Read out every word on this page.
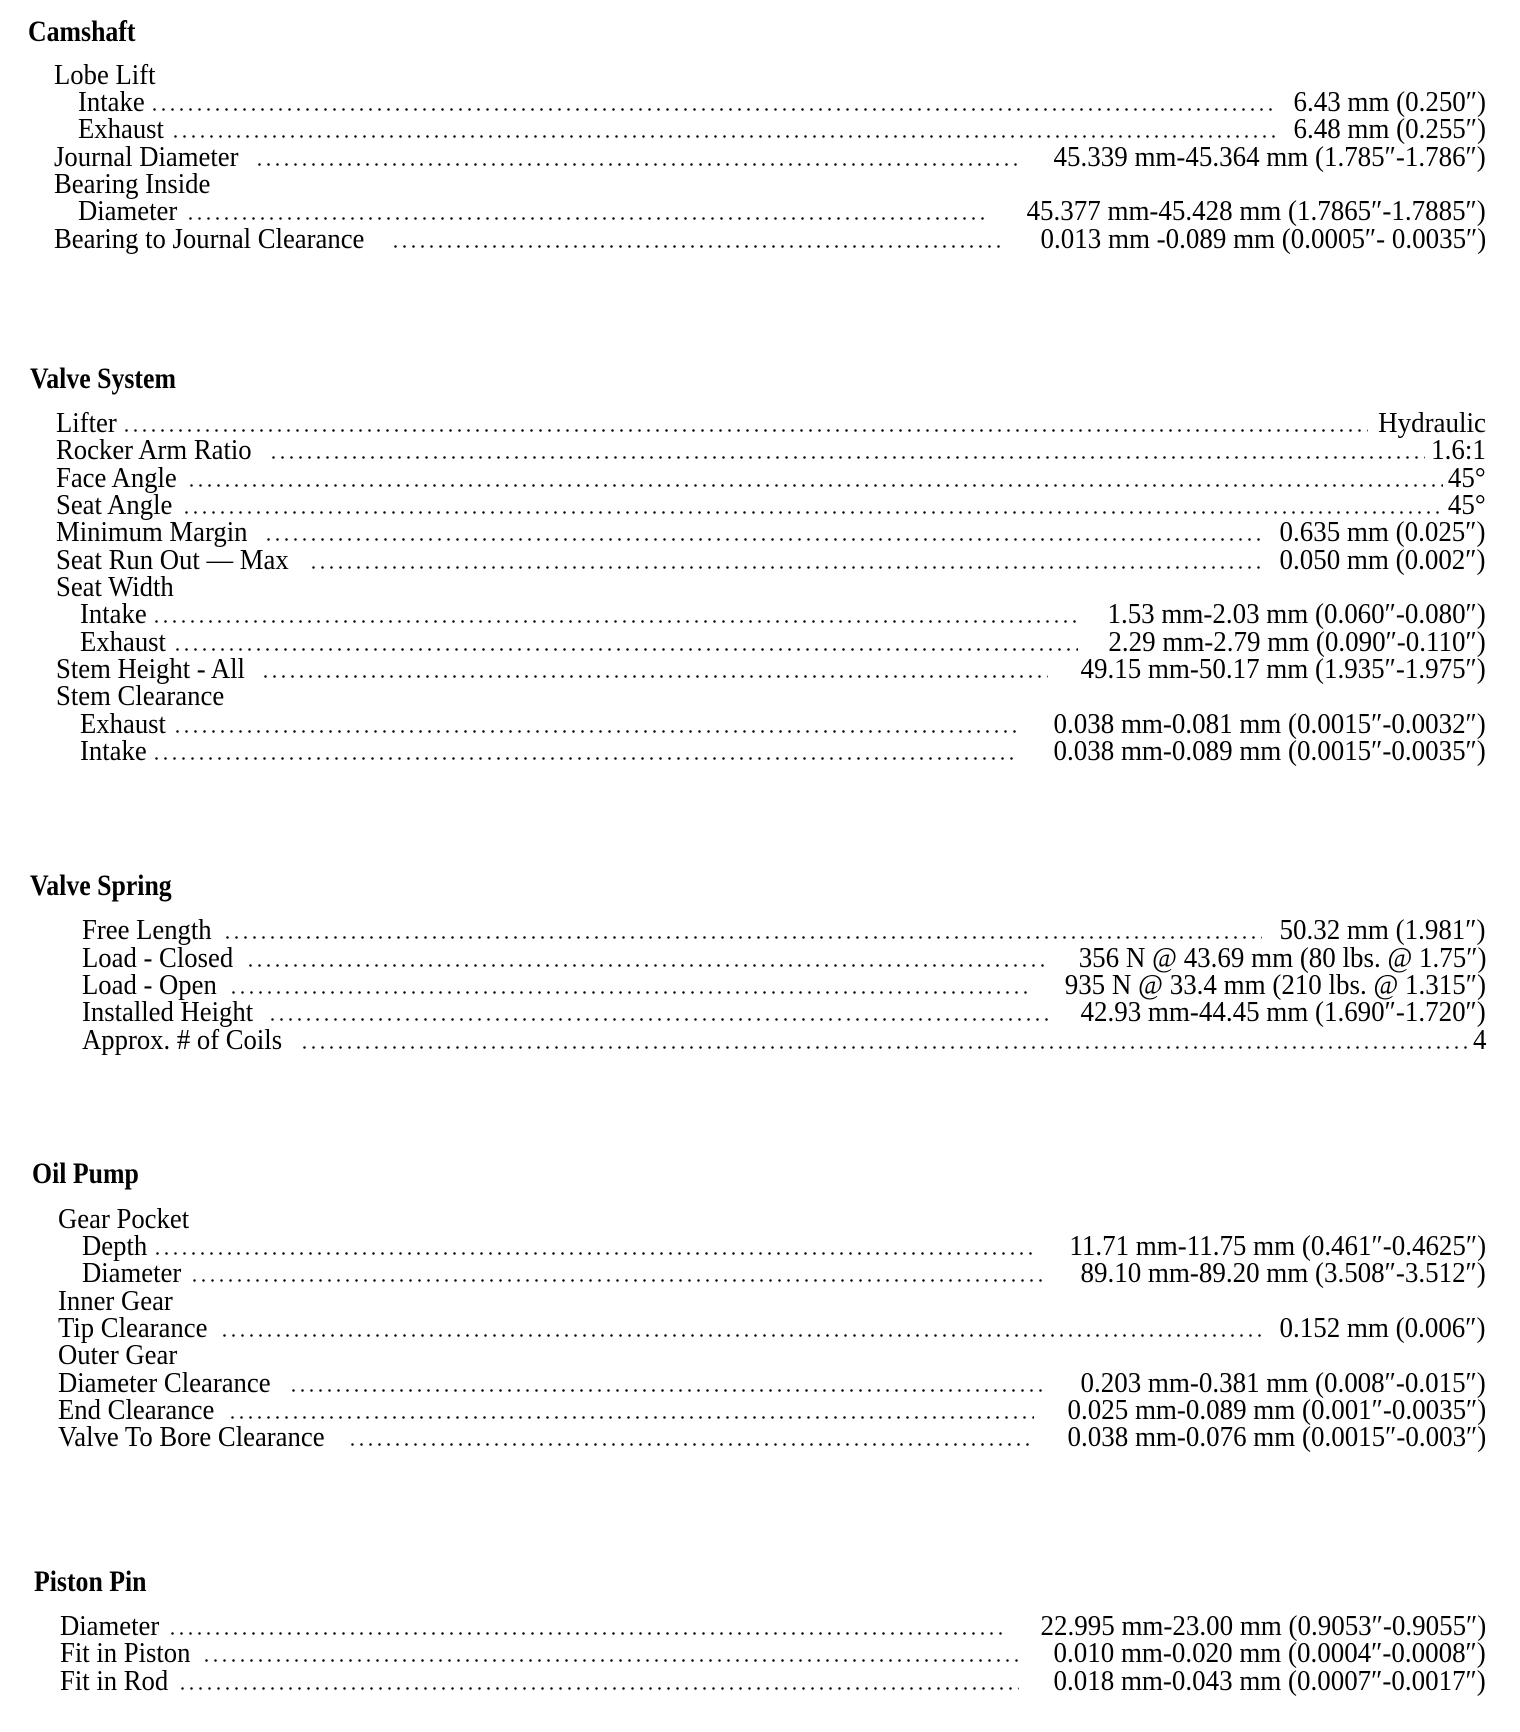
Camshaft
Lobe Lift
Intake	6.43 mm (0.250″)
Exhaust	6.48 mm (0.255″)
Journal Diameter	45.339 mm-45.364 mm (1.785″-1.786″)
Bearing Inside
Diameter	45.377 mm-45.428 mm (1.7865″-1.7885″)
Bearing to Journal Clearance	0.013 mm -0.089 mm (0.0005″- 0.0035″)
Valve System
Lifter	Hydraulic
Rocker Arm Ratio	1.6:1
Face Angle	45°
Seat Angle	45°
Minimum Margin	0.635 mm (0.025″)
Seat Run Out — Max	0.050 mm (0.002″)
Seat Width
Intake	1.53 mm-2.03 mm (0.060″-0.080″)
Exhaust	2.29 mm-2.79 mm (0.090″-0.110″)
Stem Height - All	49.15 mm-50.17 mm (1.935″-1.975″)
Stem Clearance
Exhaust	0.038 mm-0.081 mm (0.0015″-0.0032″)
Intake	0.038 mm-0.089 mm (0.0015″-0.0035″)
Valve Spring
Free Length	50.32 mm (1.981″)
Load - Closed	356 N @ 43.69 mm (80 lbs. @ 1.75″)
Load - Open	935 N @ 33.4 mm (210 lbs. @ 1.315″)
Installed Height	42.93 mm-44.45 mm (1.690″-1.720″)
Approx. # of Coils	4
Oil Pump
Gear Pocket
Depth	11.71 mm-11.75 mm (0.461″-0.4625″)
Diameter	89.10 mm-89.20 mm (3.508″-3.512″)
Inner Gear
Tip Clearance	0.152 mm (0.006″)
Outer Gear
Diameter Clearance	0.203 mm-0.381 mm (0.008″-0.015″)
End Clearance	0.025 mm-0.089 mm (0.001″-0.0035″)
Valve To Bore Clearance	0.038 mm-0.076 mm (0.0015″-0.003″)
Piston Pin
Diameter	22.995 mm-23.00 mm (0.9053″-0.9055″)
Fit in Piston	0.010 mm-0.020 mm (0.0004″-0.0008″)
Fit in Rod	0.018 mm-0.043 mm (0.0007″-0.0017″)
